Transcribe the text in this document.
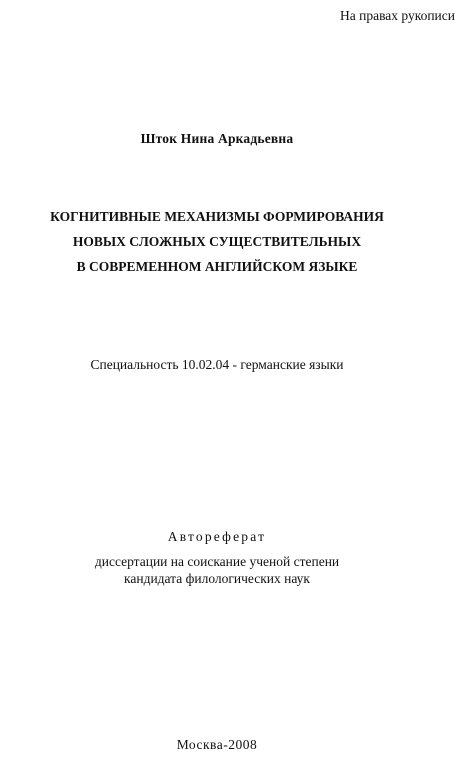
На правах рукописи
Шток Нина Аркадьевна
КОГНИТИВНЫЕ МЕХАНИЗМЫ ФОРМИРОВАНИЯ
НОВЫХ СЛОЖНЫХ СУЩЕСТВИТЕЛЬНЫХ
В СОВРЕМЕННОМ АНГЛИЙСКОМ ЯЗЫКЕ
Специальность 10.02.04 - германские языки
Автореферат
диссертации на соискание ученой степени
кандидата филологических наук
Москва-2008
